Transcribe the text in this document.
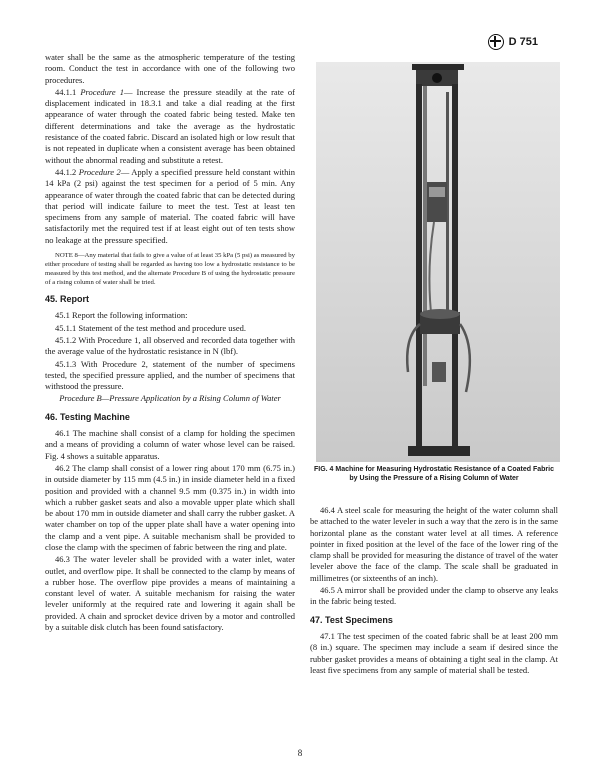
D 751

water shall be the same as the atmospheric temperature of the testing room. Conduct the test in accordance with one of the following two procedures.

44.1.1 Procedure 1— Increase the pressure steadily at the rate of displacement indicated in 18.3.1 and take a dial reading at the first appearance of water through the coated fabric being tested. Make ten different determinations and take the average as the hydrostatic resistance of the coated fabric. Discard an isolated high or low result that is not repeated in duplicate when a consistent average has been obtained without the abnormal reading and substitute a retest.

44.1.2 Procedure 2— Apply a specified pressure held constant within 14 kPa (2 psi) against the test specimen for a period of 5 min. Any appearance of water through the coated fabric that can be detected during that period will indicate failure to meet the test. Test at least ten specimens from any sample of material. The coated fabric will have satisfactorily met the required test if at least eight out of ten tests show no leakage at the pressure specified.

NOTE 8—Any material that fails to give a value of at least 35 kPa (5 psi) as measured by either procedure of testing shall be regarded as having too low a hydrostatic resistance to be measured by this test method, and the alternate Procedure B of using the hydrostatic pressure of a rising column of water shall be tried.

45. Report

45.1 Report the following information:

45.1.1 Statement of the test method and procedure used.

45.1.2 With Procedure 1, all observed and recorded data together with the average value of the hydrostatic resistance in N (lbf).

45.1.3 With Procedure 2, statement of the number of specimens tested, the specified pressure applied, and the number of specimens that withstood the pressure.

Procedure B—Pressure Application by a Rising Column of Water

46. Testing Machine

46.1 The machine shall consist of a clamp for holding the specimen and a means of providing a column of water whose level can be raised. Fig. 4 shows a suitable apparatus.

46.2 The clamp shall consist of a lower ring about 170 mm (6.75 in.) in outside diameter by 115 mm (4.5 in.) in inside diameter held in a fixed position and provided with a channel 9.5 mm (0.375 in.) in width into which a rubber gasket seats and also a movable upper plate which shall be about 170 mm in outside diameter and shall carry the rubber gasket. A water chamber on top of the upper plate shall have a water opening into the clamp and a vent pipe. A suitable mechanism shall be provided to close the clamp with the specimen of fabric between the ring and plate.

46.3 The water leveler shall be provided with a water inlet, water outlet, and overflow pipe. It shall be connected to the clamp by means of a rubber hose. The overflow pipe provides a means of maintaining a constant level of water. A suitable mechanism for raising the water leveler uniformly at the required rate and lowering it again shall be provided. A chain and sprocket device driven by a motor and controlled by a suitable disk clutch has been found satisfactory.

FIG. 4 Machine for Measuring Hydrostatic Resistance of a Coated Fabric by Using the Pressure of a Rising Column of Water

46.4 A steel scale for measuring the height of the water column shall be attached to the water leveler in such a way that the zero is in the same horizontal plane as the constant water level at all times. A reference pointer in fixed position at the level of the face of the lower ring of the clamp shall be provided for measuring the distance of travel of the water leveler above the face of the clamp. The scale shall be graduated in millimetres (or sixteenths of an inch).

46.5 A mirror shall be provided under the clamp to observe any leaks in the fabric being tested.

47. Test Specimens

47.1 The test specimen of the coated fabric shall be at least 200 mm (8 in.) square. The specimen may include a seam if desired since the rubber gasket provides a means of obtaining a tight seal in the clamp. At least five specimens from any sample of material shall be tested.

8
